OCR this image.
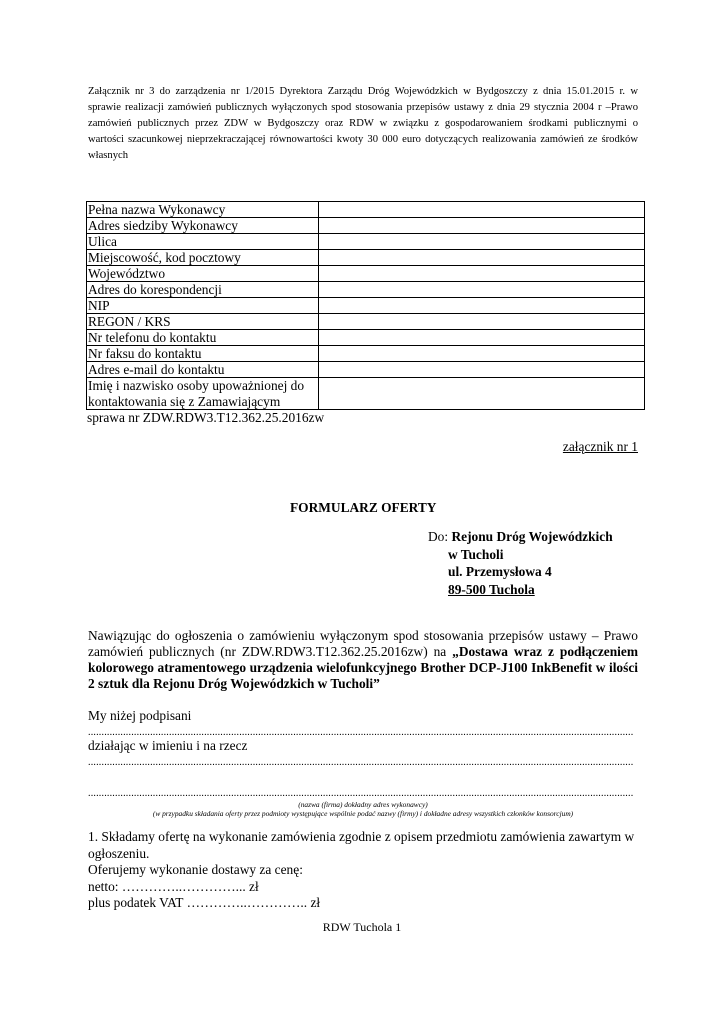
Załącznik nr 3 do zarządzenia nr 1/2015 Dyrektora Zarządu Dróg Wojewódzkich w Bydgoszczy z dnia 15.01.2015 r. w
sprawie realizacji zamówień publicznych wyłączonych spod stosowania przepisów ustawy z dnia 29 stycznia 2004 r –Prawo
zamówień publicznych przez ZDW w Bydgoszczy oraz RDW w związku z gospodarowaniem środkami publicznymi o
wartości szacunkowej nieprzekraczającej równowartości kwoty 30 000 euro dotyczących realizowania zamówień ze środków
własnych
Pełna nazwa Wykonawcy	
Adres siedziby Wykonawcy	
Ulica	
Miejscowość, kod pocztowy	
Województwo	
Adres do korespondencji	
NIP	
REGON / KRS	
Nr telefonu do kontaktu	
Nr faksu do kontaktu	
Adres e-mail do kontaktu	

Imię i nazwisko osoby upoważnionej do
kontaktowania się z Zamawiającym	

sprawa nr ZDW.RDW3.T12.362.25.2016zw
załącznik nr 1
FORMULARZ OFERTY
Do: Rejonu Dróg Wojewódzkich
w Tucholi
ul. Przemysłowa 4
89-500 Tuchola
Nawiązując do ogłoszenia o zamówieniu wyłączonym spod stosowania przepisów ustawy – Prawo
zamówień publicznych (nr ZDW.RDW3.T12.362.25.2016zw) na „Dostawa wraz z podłączeniem
kolorowego atramentowego urządzenia wielofunkcyjnego Brother DCP-J100 InkBenefit w ilości
2 sztuk dla Rejonu Dróg Wojewódzkich w Tucholi”
My niżej podpisani
..........................................................................................................................................................................................................
działając w imieniu i na rzecz
..........................................................................................................................................................................................................
..........................................................................................................................................................................................................
(nazwa (firma) dokładny adres wykonawcy)
(w przypadku składania oferty przez podmioty występujące wspólnie podać nazwy (firmy) i dokładne adresy wszystkich członków konsorcjum)
1. Składamy ofertę na wykonanie zamówienia zgodnie z opisem przedmiotu zamówienia zawartym w
ogłoszeniu.
Oferujemy wykonanie dostawy za cenę:
netto: …………..…………... zł
plus podatek VAT …………..………….. zł
RDW Tuchola 1
